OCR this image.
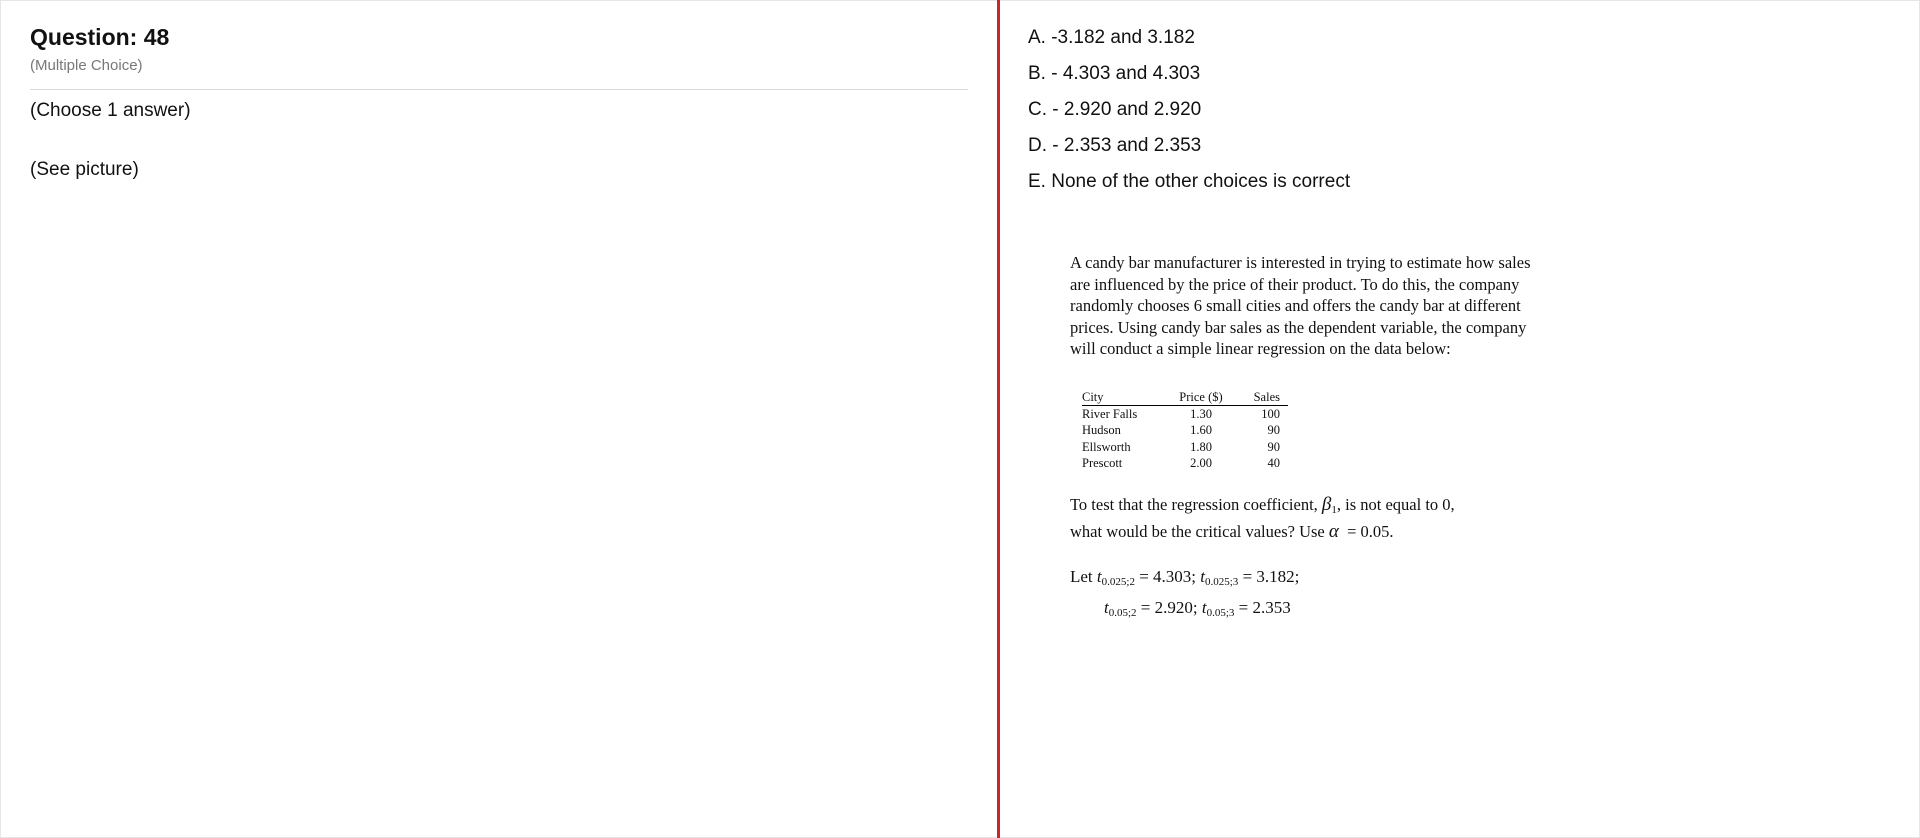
Question: 48
(Multiple Choice)
(Choose 1 answer)
(See picture)
A. -3.182 and 3.182
B. - 4.303 and 4.303
C. - 2.920 and 2.920
D. - 2.353 and 2.353
E. None of the other choices is correct
A candy bar manufacturer is interested in trying to estimate how sales are influenced by the price of their product. To do this, the company randomly chooses 6 small cities and offers the candy bar at different prices. Using candy bar sales as the dependent variable, the company will conduct a simple linear regression on the data below:
City	Price ($)	Sales
River Falls	1.30	100
Hudson	1.60	90
Ellsworth	1.80	90
Prescott	2.00	40
To test that the regression coefficient, $\beta_1$, is not equal to 0,
what would be the critical values? Use α = 0.05.
Let $t_{0.025;2} = 4.303$; $t_{0.025;3} = 3.182$;
$t_{0.05;2} = 2.920$; $t_{0.05;3} = 2.353$
